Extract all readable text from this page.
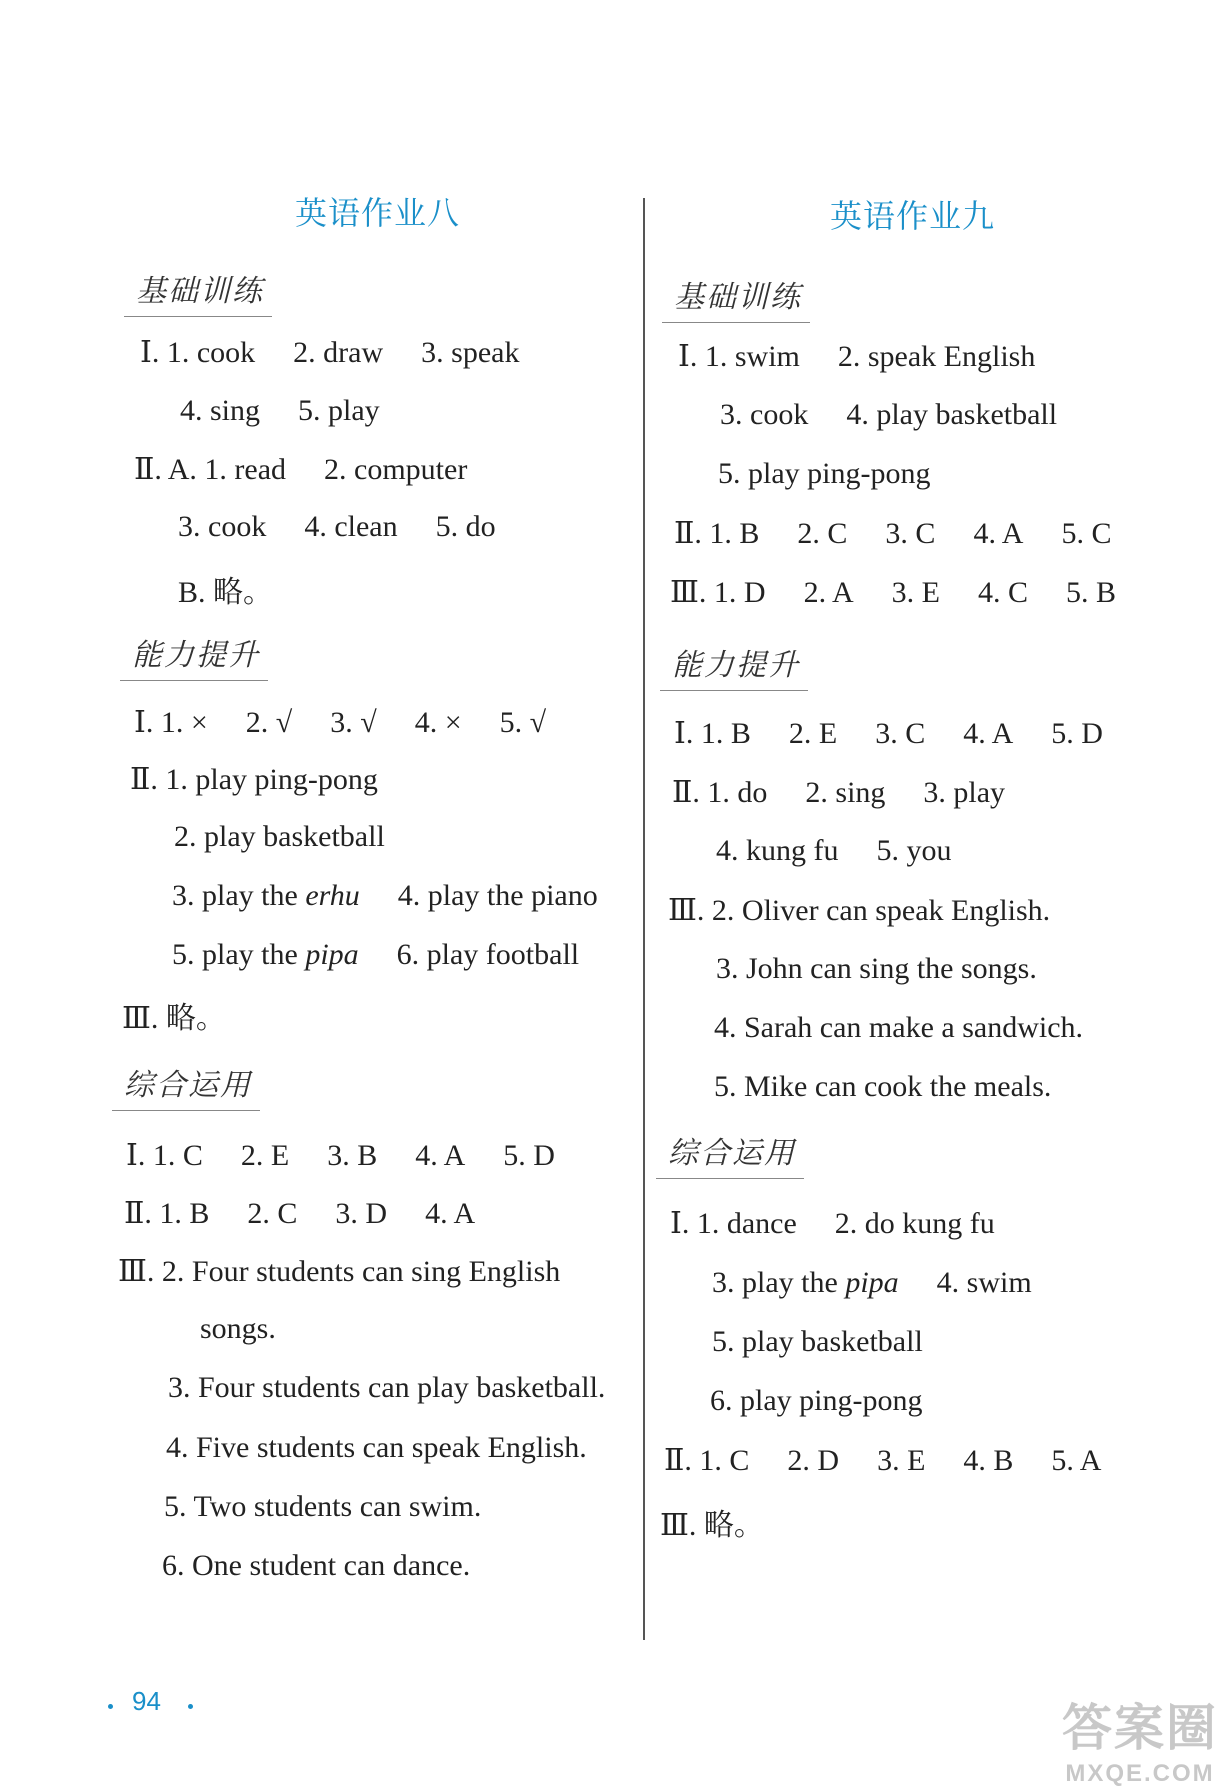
英语作业八
基础训练
Ⅰ. 1. cook 2. draw 3. speak
4. sing 5. play
Ⅱ. A. 1. read 2. computer
3. cook 4. clean 5. do
B. 略。
能力提升
Ⅰ. 1. × 2. √ 3. √ 4. × 5. √
Ⅱ. 1. play ping-pong
2. play basketball
3. play the erhu 4. play the piano
5. play the pipa 6. play football
Ⅲ. 略。
综合运用
Ⅰ. 1. C 2. E 3. B 4. A 5. D
Ⅱ. 1. B 2. C 3. D 4. A
Ⅲ. 2. Four students can sing English
songs.
3. Four students can play basketball.
4. Five students can speak English.
5. Two students can swim.
6. One student can dance.
英语作业九
基础训练
Ⅰ. 1. swim 2. speak English
3. cook 4. play basketball
5. play ping-pong
Ⅱ. 1. B 2. C 3. C 4. A 5. C
Ⅲ. 1. D 2. A 3. E 4. C 5. B
能力提升
Ⅰ. 1. B 2. E 3. C 4. A 5. D
Ⅱ. 1. do 2. sing 3. play
4. kung fu 5. you
Ⅲ. 2. Oliver can speak English.
3. John can sing the songs.
4. Sarah can make a sandwich.
5. Mike can cook the meals.
综合运用
Ⅰ. 1. dance 2. do kung fu
3. play the pipa 4. swim
5. play basketball
6. play ping-pong
Ⅱ. 1. C 2. D 3. E 4. B 5. A
Ⅲ. 略。
94	答案圈
MXQE.COM
